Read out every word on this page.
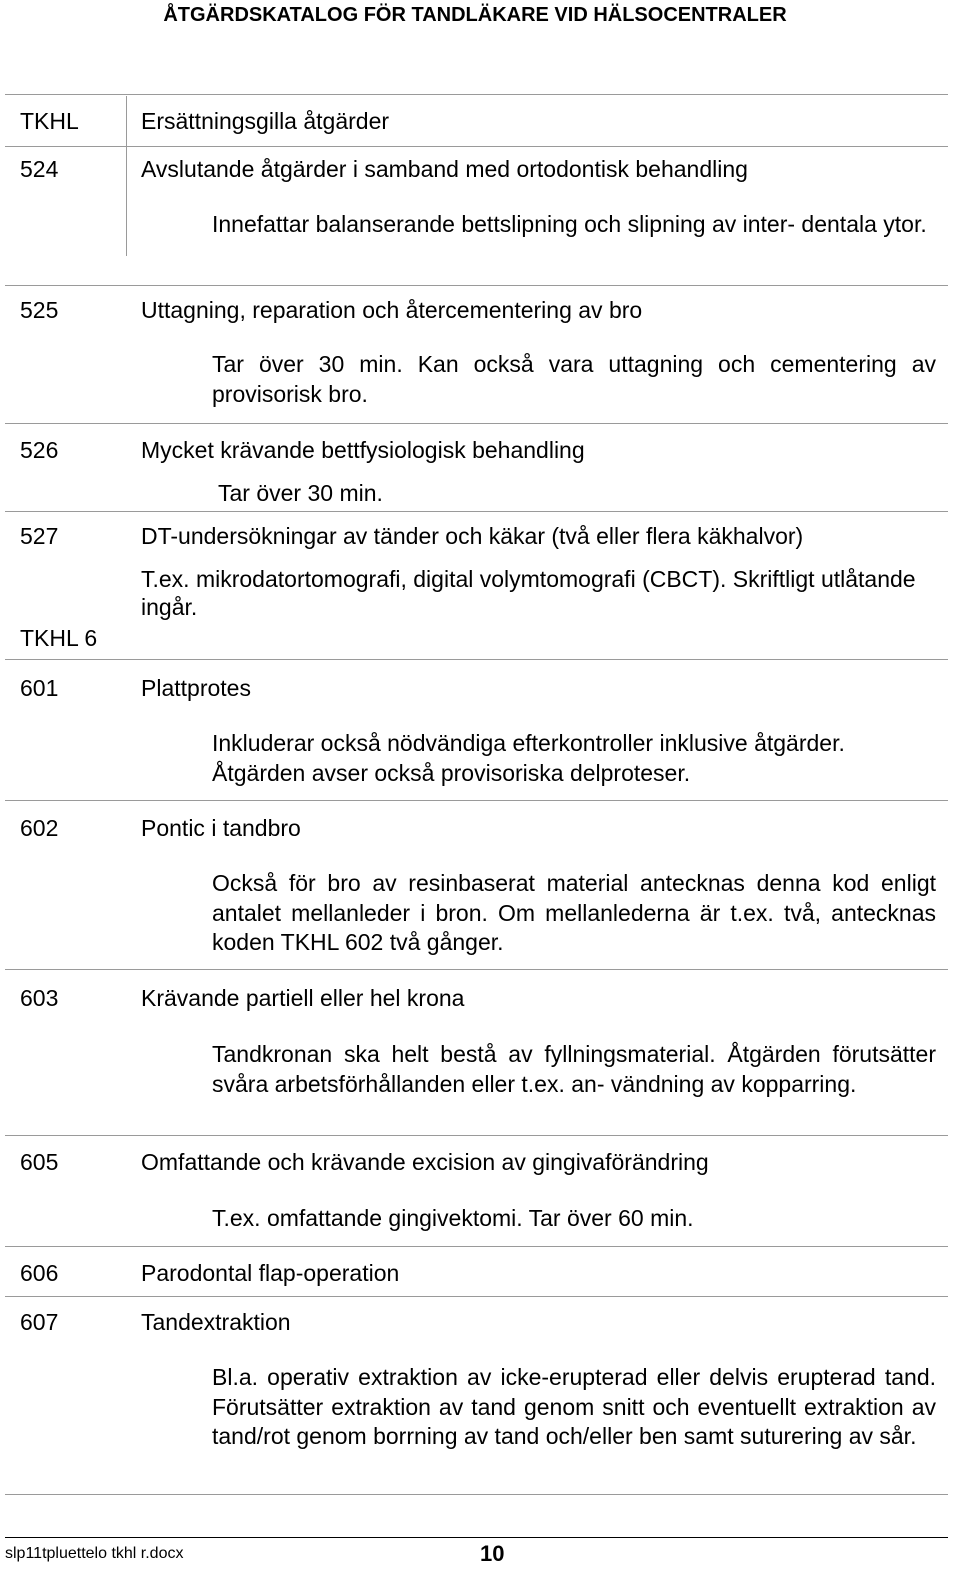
ÅTGÄRDSKATALOG FÖR TANDLÄKARE VID HÄLSOCENTRALER
TKHL	Ersättningsgilla åtgärder
524	Avslutande åtgärder i samband med ortodontisk behandling
Innefattar balanserande bettslipning och slipning av inter- dentala ytor.
525	Uttagning, reparation och återcementering av bro
Tar över 30 min. Kan också vara uttagning och cementering av provisorisk bro.
526	Mycket krävande bettfysiologisk behandling
Tar över 30 min.
527	DT-undersökningar av tänder och käkar (två eller flera käkhalvor)
T.ex. mikrodatortomografi, digital volymtomografi (CBCT). Skriftligt utlåtande ingår.
TKHL 6
601	Plattprotes
Inkluderar också nödvändiga efterkontroller inklusive åtgärder. Åtgärden avser också provisoriska delproteser.
602	Pontic i tandbro
Också för bro av resinbaserat material antecknas denna kod enligt antalet mellanleder i bron. Om mellanlederna är t.ex. två, antecknas koden TKHL 602 två gånger.
603	Krävande partiell eller hel krona
Tandkronan ska helt bestå av fyllningsmaterial. Åtgärden förutsätter svåra arbetsförhållanden eller t.ex. an- vändning av kopparring.
605	Omfattande och krävande excision av gingivaförändring
T.ex. omfattande gingivektomi. Tar över 60 min.
606	Parodontal flap-operation
607	Tandextraktion
Bl.a. operativ extraktion av icke-erupterad eller delvis erupterad tand. Förutsätter extraktion av tand genom snitt och eventuellt extraktion av tand/rot genom borrning av tand och/eller ben samt suturering av sår.
slp11tpluettelo tkhl r.docx	10
